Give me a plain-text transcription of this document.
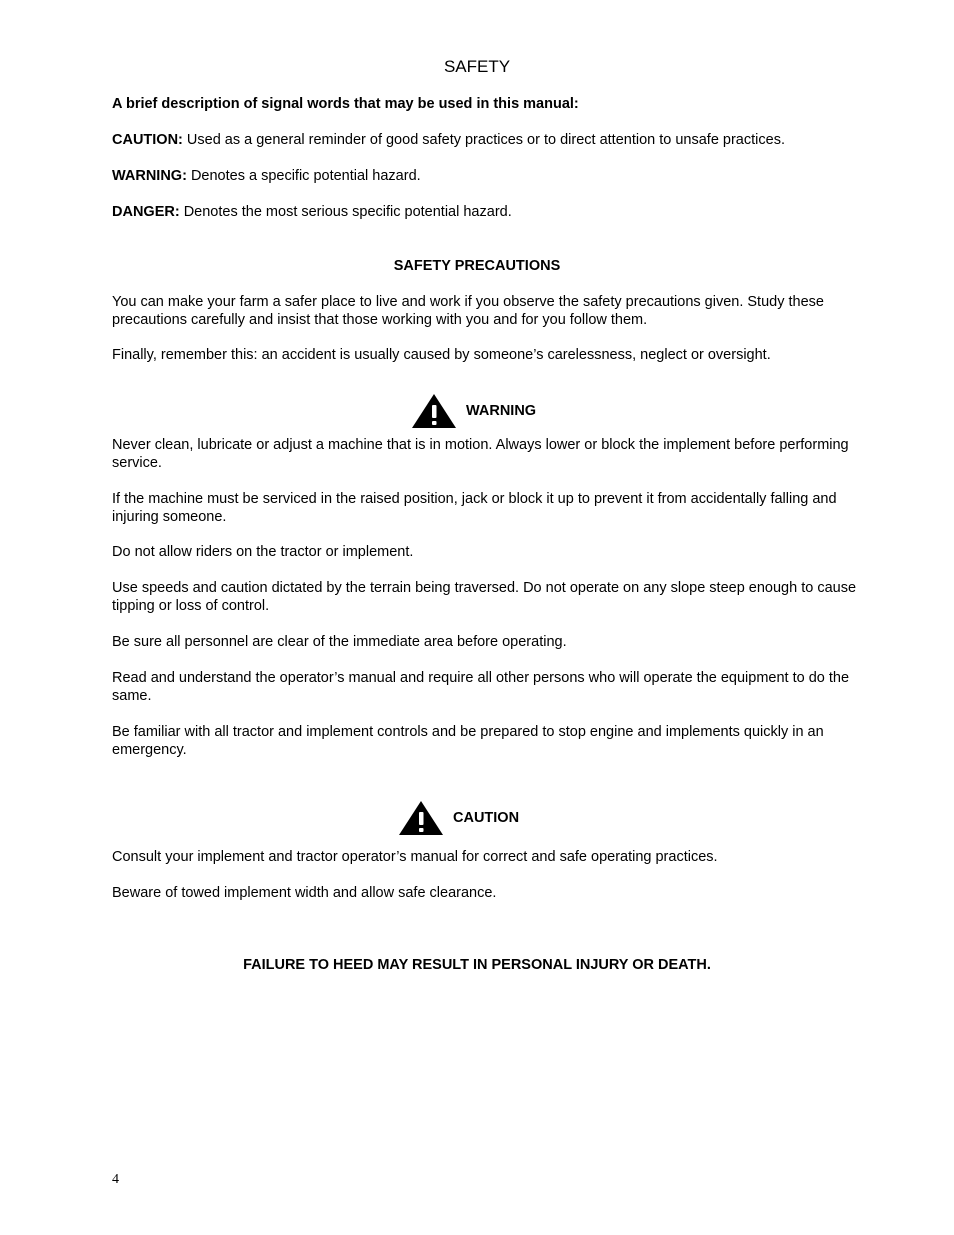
SAFETY

A brief description of signal words that may be used in this manual:

CAUTION: Used as a general reminder of good safety practices or to direct attention to unsafe practices.

WARNING: Denotes a specific potential hazard.

DANGER: Denotes the most serious specific potential hazard.

SAFETY PRECAUTIONS

You can make your farm a safer place to live and work if you observe the safety precautions given. Study these precautions carefully and insist that those working with you and for you follow them.

Finally, remember this: an accident is usually caused by someone’s carelessness, neglect or oversight.

WARNING

Never clean, lubricate or adjust a machine that is in motion. Always lower or block the implement before performing service.

If the machine must be serviced in the raised position, jack or block it up to prevent it from accidentally falling and injuring someone.

Do not allow riders on the tractor or implement.

Use speeds and caution dictated by the terrain being traversed. Do not operate on any slope steep enough to cause tipping or loss of control.

Be sure all personnel are clear of the immediate area before operating.

Read and understand the operator’s manual and require all other persons who will operate the equipment to do the same.

Be familiar with all tractor and implement controls and be prepared to stop engine and implements quickly in an emergency.

CAUTION

Consult your implement and tractor operator’s manual for correct and safe operating practices.

Beware of towed implement width and allow safe clearance.

FAILURE TO HEED MAY RESULT IN PERSONAL INJURY OR DEATH.

4
